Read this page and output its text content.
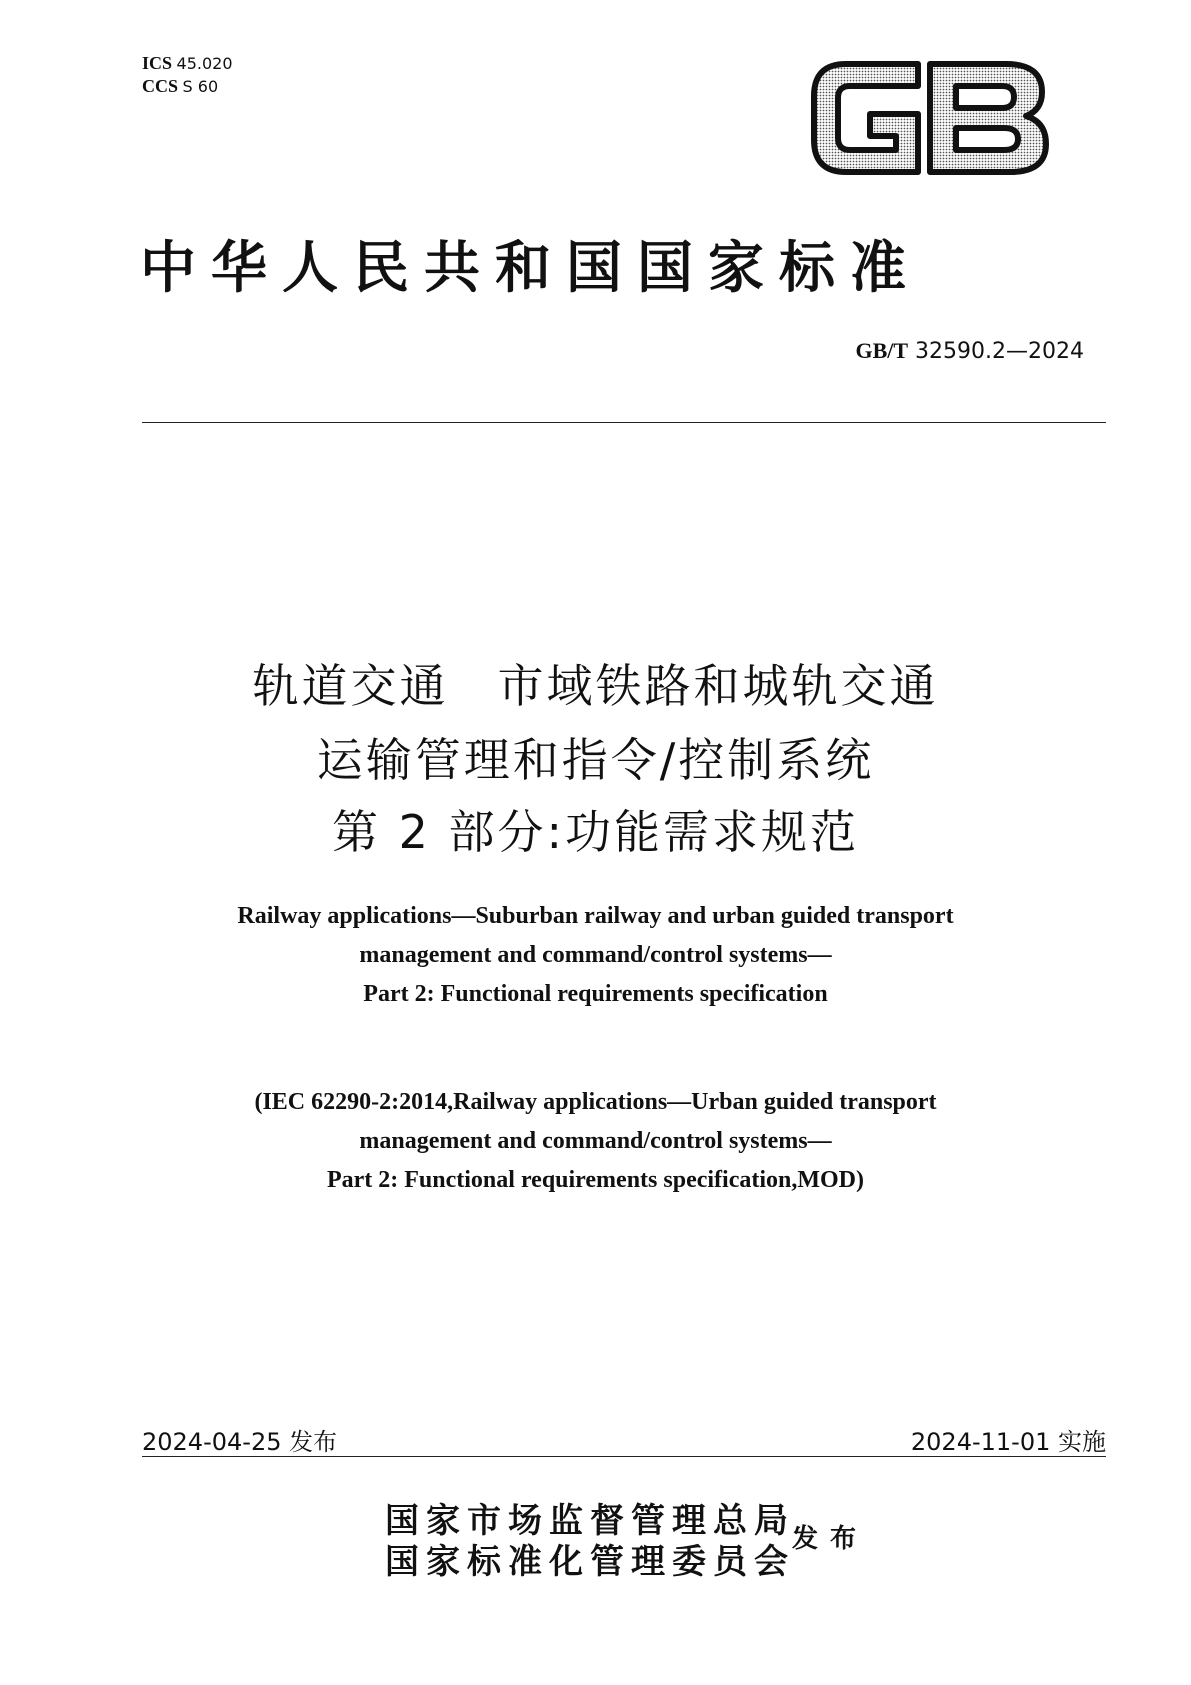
ICS 45.020
CCS S 60
中华人民共和国国家标准
GB/T 32590.2—2024
轨道交通　市域铁路和城轨交通
运输管理和指令/控制系统
第 2 部分:功能需求规范
Railway applications—Suburban railway and urban guided transport
management and command/control systems—
Part 2: Functional requirements specification
(IEC 62290-2:2014,Railway applications—Urban guided transport
management and command/control systems—
Part 2: Functional requirements specification,MOD)
2024-04-25 发布	2024-11-01 实施
国家市场监督管理总局
国家标准化管理委员会
发布
